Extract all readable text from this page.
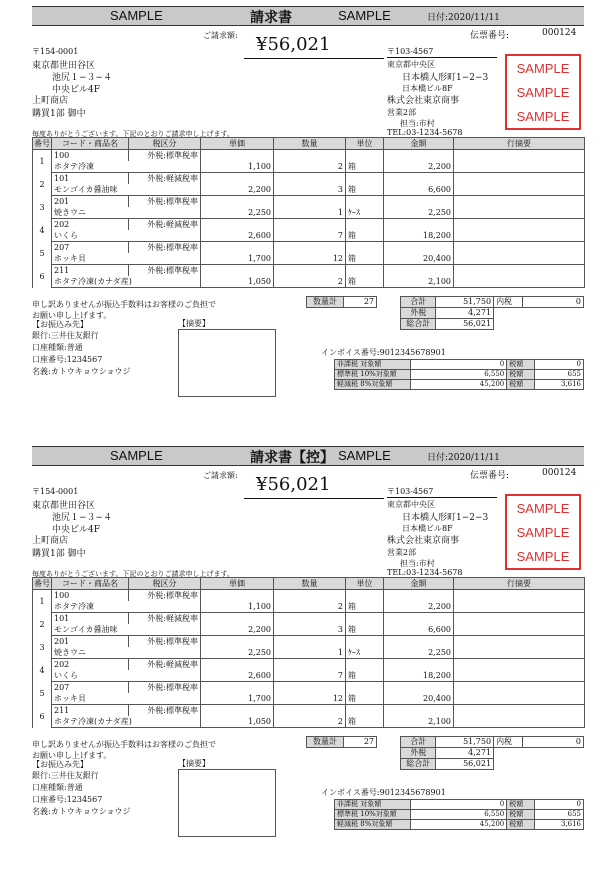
SAMPLE	請求書	SAMPLE	日付:2020/11/11
伝票番号:	000124
ご請求額: ¥56,021
〒154-0001
東京都世田谷区
池尻１−３−４
中央ビル4F
上町商店
購買1部 御中
〒103-4567
東京都中央区
日本橋人形町1−2−3
日本橋ビル8F
株式会社東京商事
営業2部
担当:市村
TEL:03-1234-5678
SAMPLE
SAMPLE
SAMPLE
毎度ありがとうございます。下記のとおりご請求申し上げます。
番号	コード・商品名	税区分	単価	数量	単位	金額	行摘要
1	100	外税:標準税率					
	ホタテ冷凍		1,100	2	箱	2,200	
2	101	外税:軽減税率					
	モンゴイカ醤油味		2,200	3	箱	6,600	
3	201	外税:標準税率					
	焼きウニ		2,250	1	ｹｰｽ	2,250	
4	202	外税:軽減税率					
	いくら		2,600	7	箱	18,200	
5	207	外税:標準税率					
	ホッキ貝		1,700	12	箱	20,400	
6	211	外税:標準税率					
	ホタテ冷凍(カナダ産)		1,050	2	箱	2,100	
申し訳ありませんが振込手数料はお客様のご負担で
お願い申し上げます。
数量計	27	合計	51,750	内税	0
外税	4,271		
総合計	56,021		
【お振込み先】
銀行:三井住友銀行
口座種類:普通
口座番号:1234567
名義:カトウキョウショウジ
【摘要】
インボイス番号:9012345678901
非課税 対象額	0	税額	0
標準税 10%対象額	6,550	税額	655
軽減税 8%対象額	45,200	税額	3,616
SAMPLE	請求書【控】 SAMPLE	日付:2020/11/11
伝票番号:	000124
ご請求額: ¥56,021
〒154-0001
東京都世田谷区
池尻１−３−４
中央ビル4F
上町商店
購買1部 御中
〒103-4567
東京都中央区
日本橋人形町1−2−3
日本橋ビル8F
株式会社東京商事
営業2部
担当:市村
TEL:03-1234-5678
SAMPLE
SAMPLE
SAMPLE
毎度ありがとうございます。下記のとおりご請求申し上げます。
番号	コード・商品名	税区分	単価	数量	単位	金額	行摘要
1	100	外税:標準税率					
	ホタテ冷凍		1,100	2	箱	2,200	
2	101	外税:軽減税率					
	モンゴイカ醤油味		2,200	3	箱	6,600	
3	201	外税:標準税率					
	焼きウニ		2,250	1	ｹｰｽ	2,250	
4	202	外税:軽減税率					
	いくら		2,600	7	箱	18,200	
5	207	外税:標準税率					
	ホッキ貝		1,700	12	箱	20,400	
6	211	外税:標準税率					
	ホタテ冷凍(カナダ産)		1,050	2	箱	2,100	
申し訳ありませんが振込手数料はお客様のご負担で
お願い申し上げます。
数量計	27	合計	51,750	内税	0
外税	4,271		
総合計	56,021		
【お振込み先】
銀行:三井住友銀行
口座種類:普通
口座番号:1234567
名義:カトウキョウショウジ
【摘要】
インボイス番号:9012345678901
非課税 対象額	0	税額	0
標準税 10%対象額	6,550	税額	655
軽減税 8%対象額	45,200	税額	3,616
